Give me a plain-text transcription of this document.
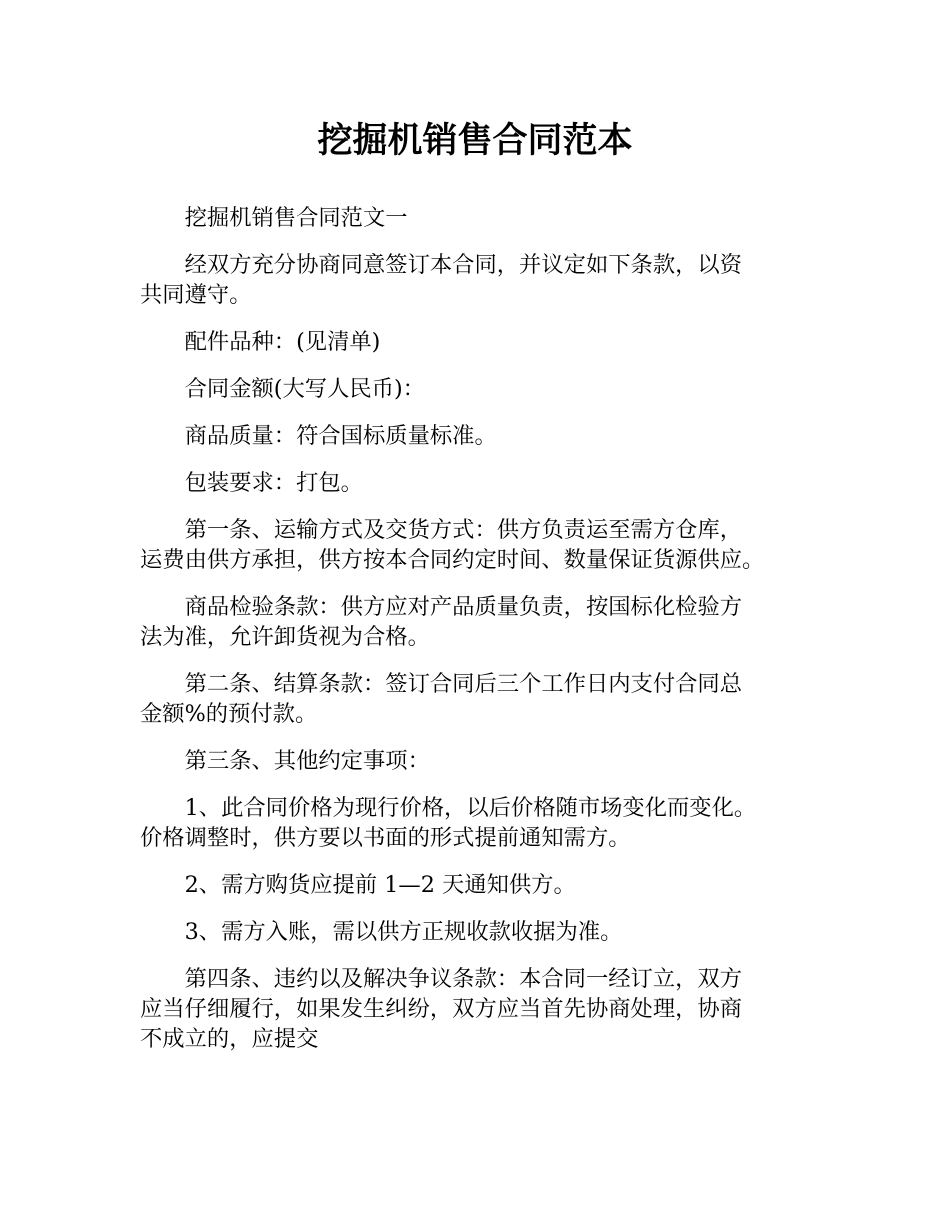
挖掘机销售合同范本

挖掘机销售合同范文一

经双方充分协商同意签订本合同，并议定如下条款，以资
共同遵守。

配件品种：(见清单)

合同金额(大写人民币)：

商品质量：符合国标质量标准。

包装要求：打包。

第一条、运输方式及交货方式：供方负责运至需方仓库，
运费由供方承担，供方按本合同约定时间、数量保证货源供应。

商品检验条款：供方应对产品质量负责，按国标化检验方
法为准，允许卸货视为合格。

第二条、结算条款：签订合同后三个工作日内支付合同总
金额%的预付款。

第三条、其他约定事项：

1、此合同价格为现行价格，以后价格随市场变化而变化。
价格调整时，供方要以书面的形式提前通知需方。

2、需方购货应提前 1—2 天通知供方。

3、需方入账，需以供方正规收款收据为准。

第四条、违约以及解决争议条款：本合同一经订立，双方
应当仔细履行，如果发生纠纷，双方应当首先协商处理，协商
不成立的，应提交
